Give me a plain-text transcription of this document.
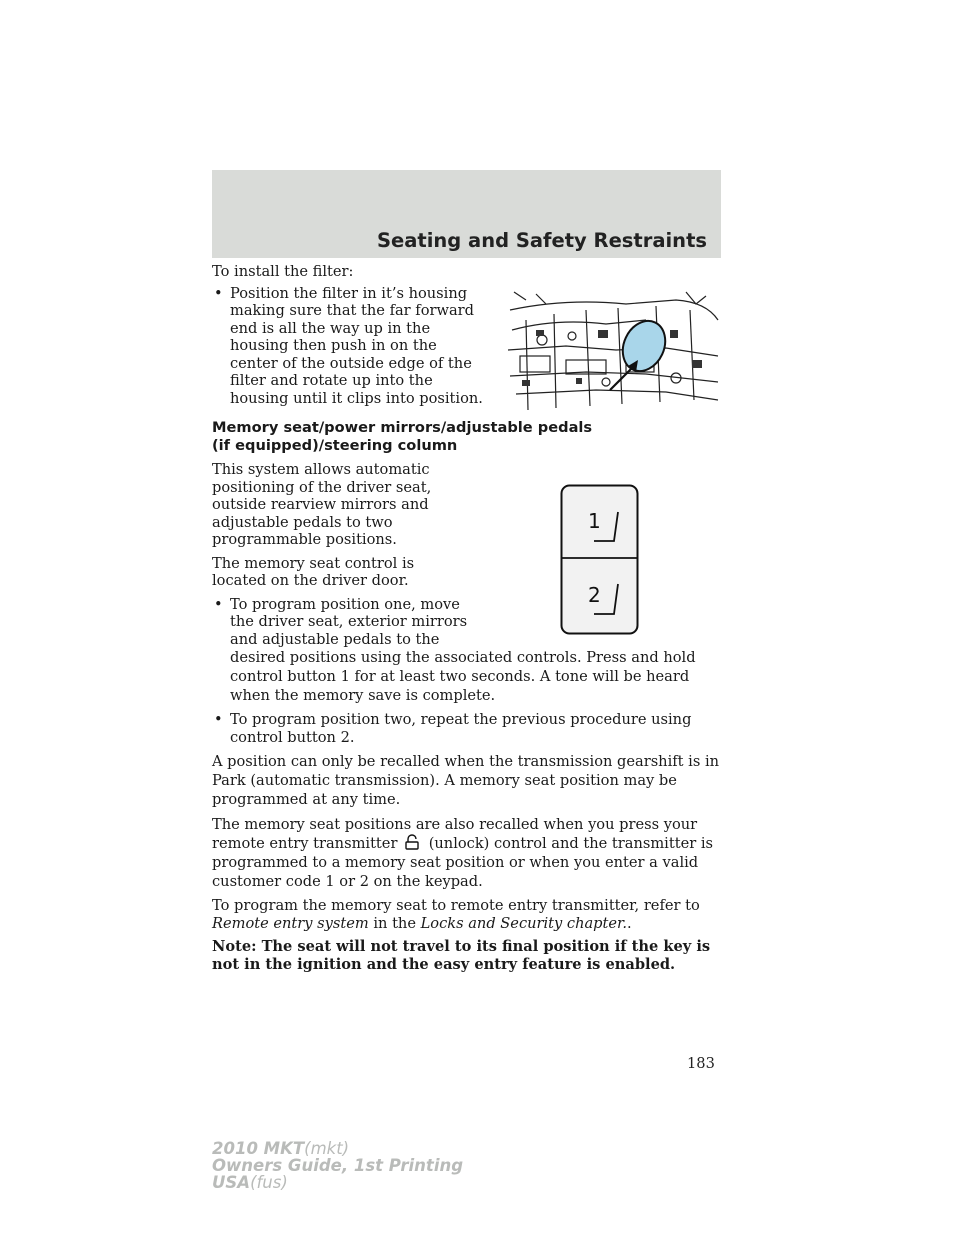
Seating and Safety Restraints
1
2

To install the filter:

• Position the filter in it’s housing making sure that the far forward end is all the way up in the housing then push in on the center of the outside edge of the filter and rotate up into the housing until it clips into position.

Memory seat/power mirrors/adjustable pedals
(if equipped)/steering column

This system allows automatic positioning of the driver seat, outside rearview mirrors and adjustable pedals to two programmable positions.

The memory seat control is located on the driver door.

• To program position one, move the driver seat, exterior mirrors and adjustable pedals to the

desired positions using the associated controls. Press and hold control button 1 for at least two seconds. A tone will be heard when the memory save is complete.

• To program position two, repeat the previous procedure using control button 2.

A position can only be recalled when the transmission gearshift is in Park (automatic transmission). A memory seat position may be programmed at any time.

The memory seat positions are also recalled when you press your remote entry transmitter (unlock) control and the transmitter is programmed to a memory seat position or when you enter a valid customer code 1 or 2 on the keypad.

To program the memory seat to remote entry transmitter, refer to
Remote entry system in the Locks and Security chapter..

Note: The seat will not travel to its final position if the key is not in the ignition and the easy entry feature is enabled.

183
2010 MKT(mkt)
Owners Guide, 1st Printing
USA(fus)
